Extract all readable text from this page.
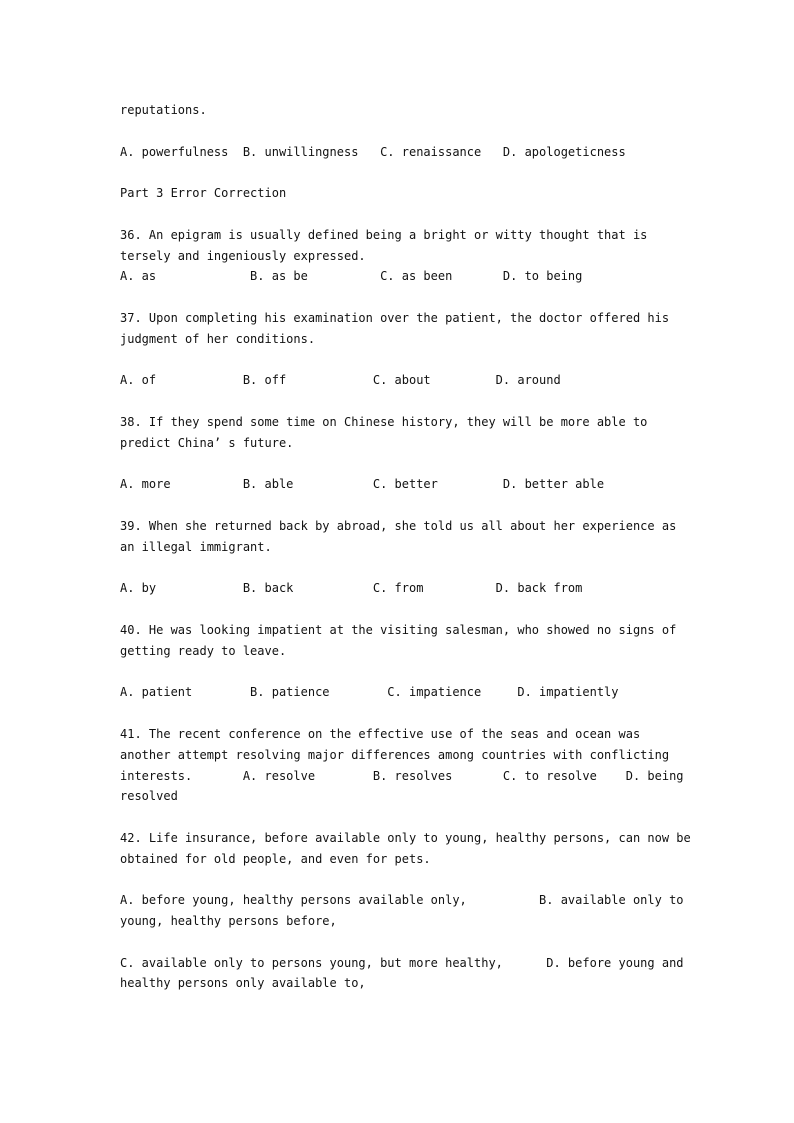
reputations.

A. powerfulness  B. unwillingness   C. renaissance   D. apologeticness

Part 3 Error Correction

36. An epigram is usually defined being a bright or witty thought that is

tersely and ingeniously expressed.

A. as             B. as be          C. as been       D. to being

37. Upon completing his examination over the patient, the doctor offered his

judgment of her conditions.

A. of            B. off            C. about         D. around

38. If they spend some time on Chinese history, they will be more able to

predict China’ s future.

A. more          B. able           C. better         D. better able

39. When she returned back by abroad, she told us all about her experience as

an illegal immigrant.

A. by            B. back           C. from          D. back from

40. He was looking impatient at the visiting salesman, who showed no signs of

getting ready to leave.

A. patient        B. patience        C. impatience     D. impatiently

41. The recent conference on the effective use of the seas and ocean was

another attempt resolving major differences among countries with conflicting

interests.       A. resolve        B. resolves       C. to resolve    D. being

resolved

42. Life insurance, before available only to young, healthy persons, can now be

obtained for old people, and even for pets.

A. before young, healthy persons available only,          B. available only to

young, healthy persons before,

C. available only to persons young, but more healthy,      D. before young and

healthy persons only available to,
